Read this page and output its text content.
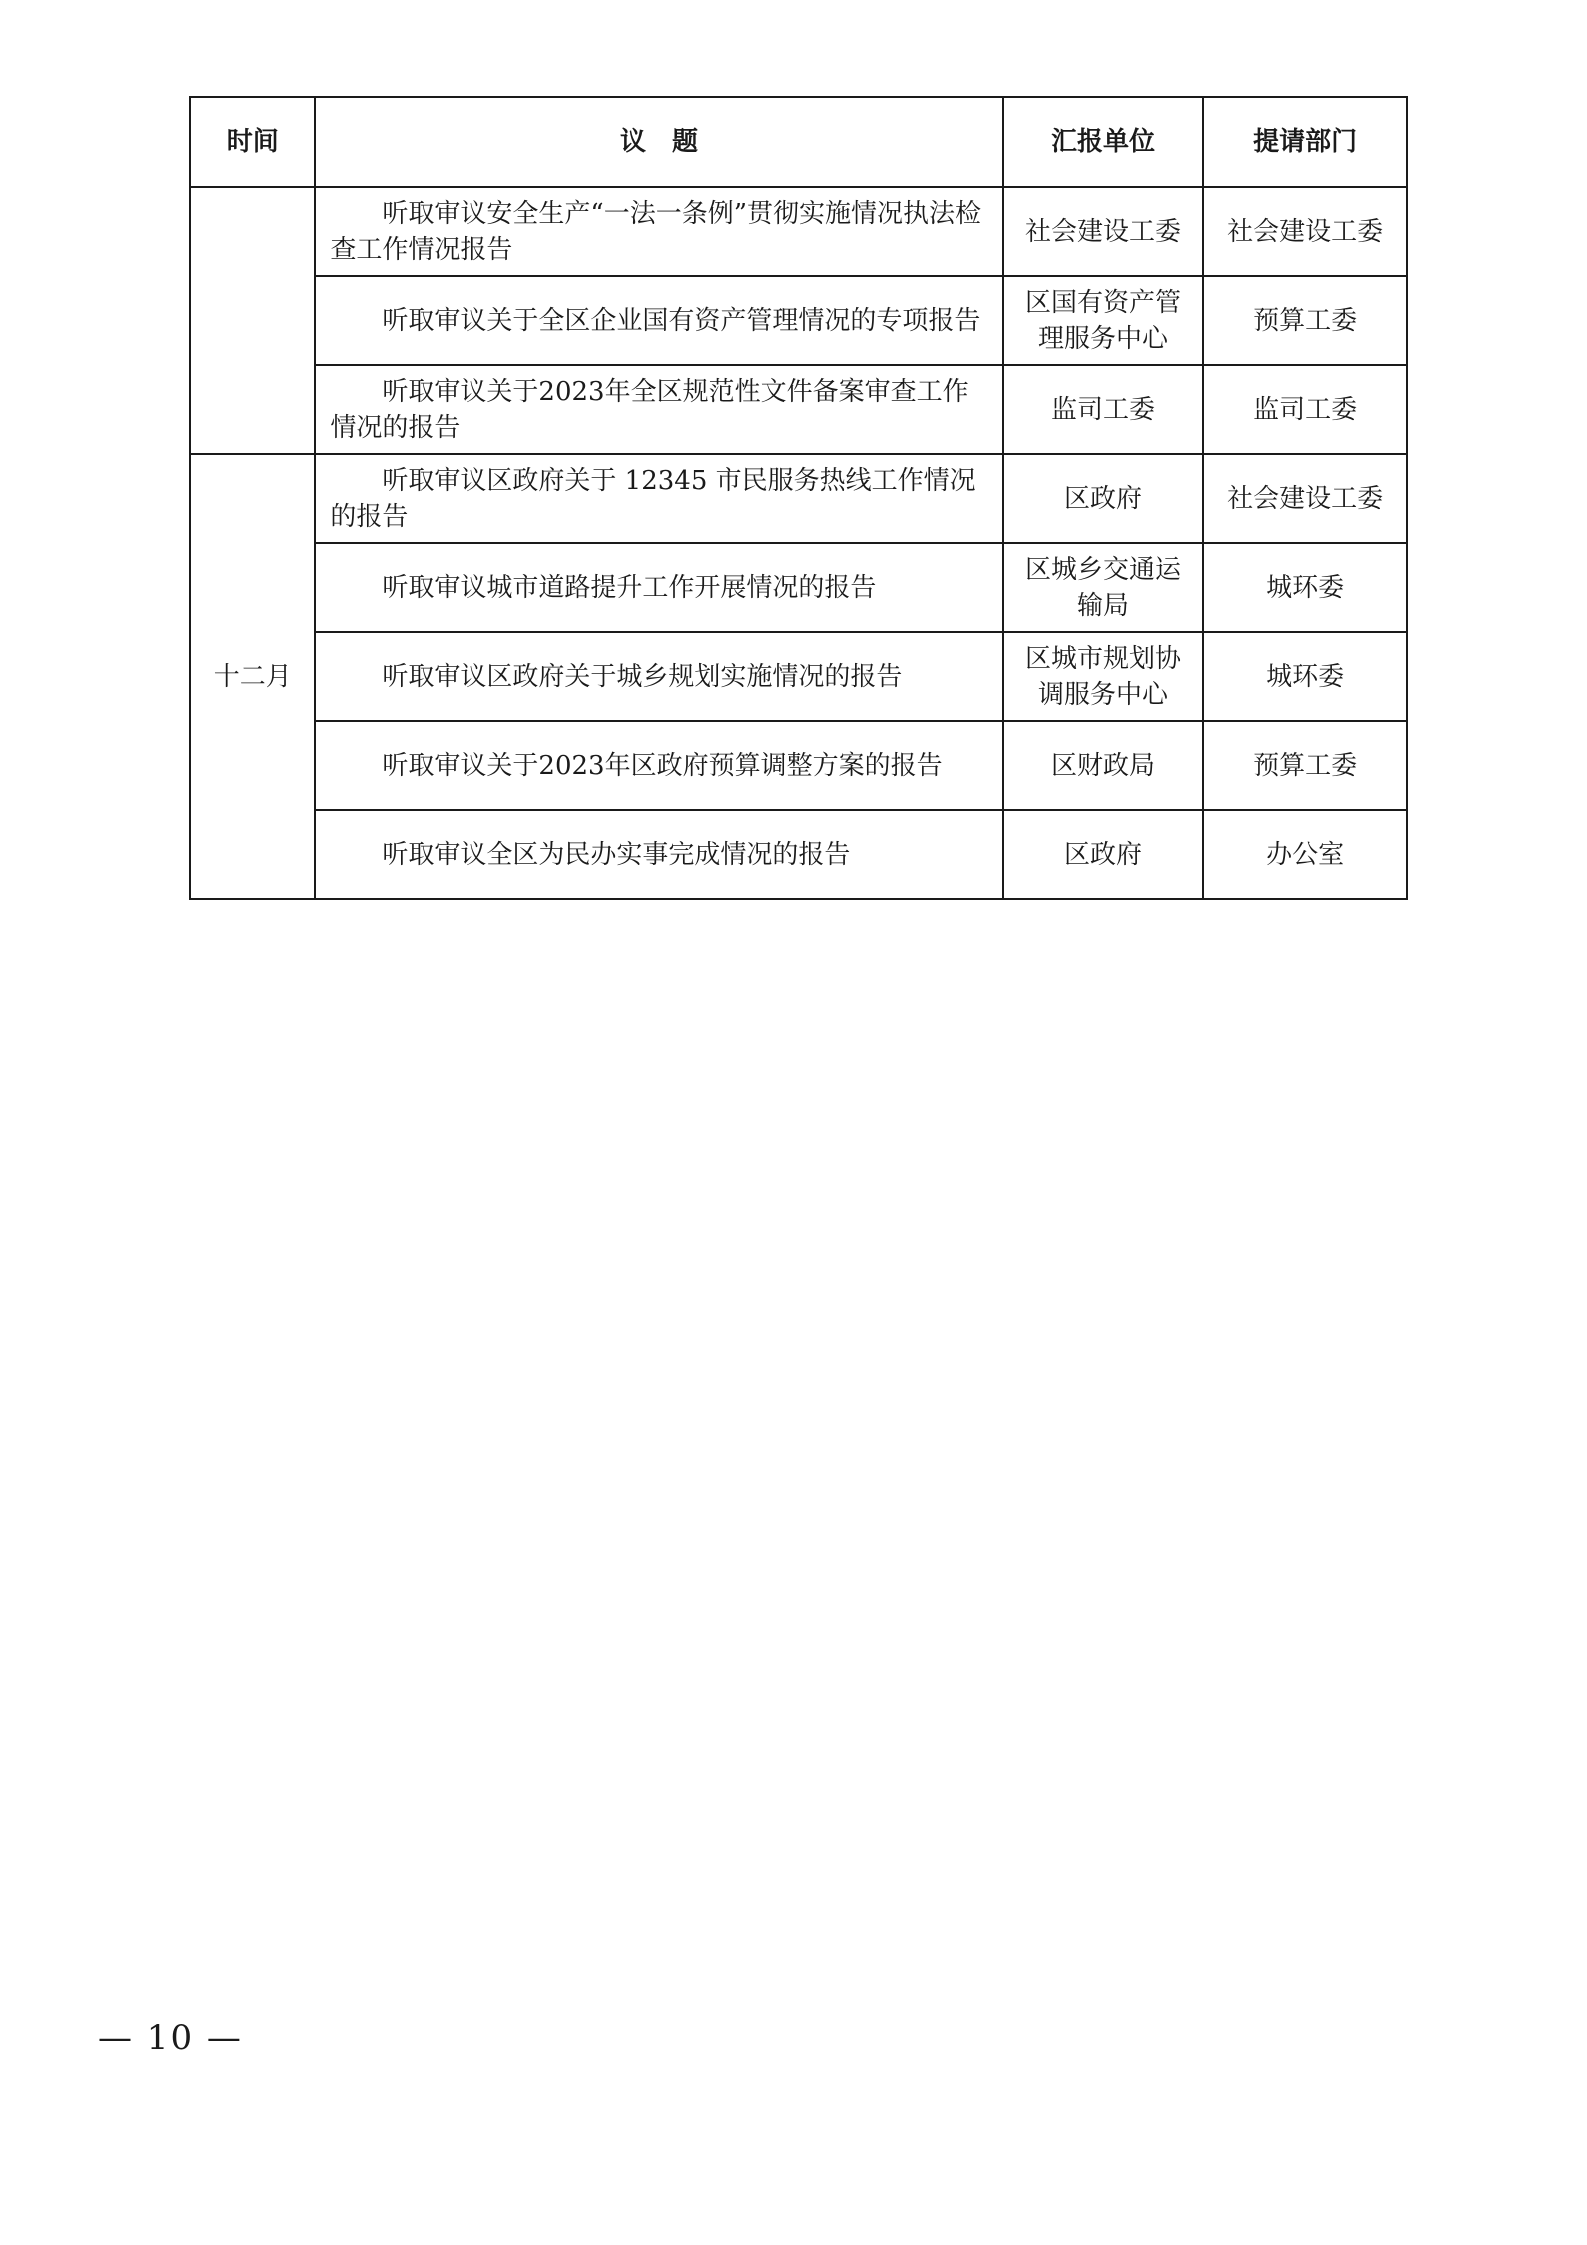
时间	议　题	汇报单位	提请部门
	听取审议安全生产“一法一条例”贯彻实施情况执法检查工作情况报告	社会建设工委	社会建设工委
	听取审议关于全区企业国有资产管理情况的专项报告	区国有资产管理服务中心	预算工委
	听取审议关于2023年全区规范性文件备案审查工作情况的报告	监司工委	监司工委
十二月	听取审议区政府关于 12345 市民服务热线工作情况的报告	区政府	社会建设工委
	听取审议城市道路提升工作开展情况的报告	区城乡交通运输局	城环委
	听取审议区政府关于城乡规划实施情况的报告	区城市规划协调服务中心	城环委
	听取审议关于2023年区政府预算调整方案的报告	区财政局	预算工委
	听取审议全区为民办实事完成情况的报告	区政府	办公室
— 10 —
